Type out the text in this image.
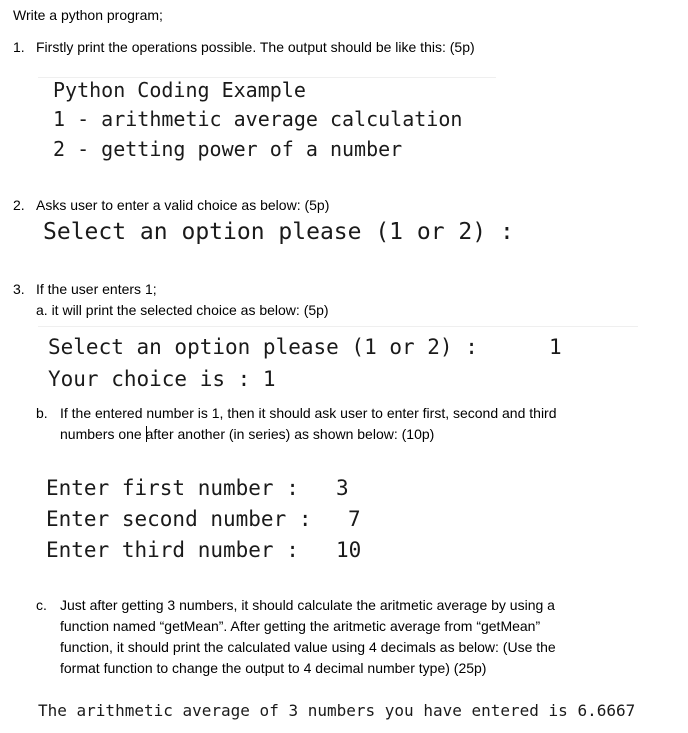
Write a python program;
1. Firstly print the operations possible. The output should be like this: (5p)
Python Coding Example
1 - arithmetic average calculation
2 - getting power of a number
2. Asks user to enter a valid choice as below: (5p)
Select an option please (1 or 2) :
3. If the user enters 1;
a. it will print the selected choice as below: (5p)
Select an option please (1 or 2) :	1
Your choice is : 1
b. If the entered number is 1, then it should ask user to enter first, second and third
numbers one after another (in series) as shown below: (10p)
Enter first number : 3
Enter second number : 7
Enter third number : 10
c. Just after getting 3 numbers, it should calculate the aritmetic average by using a
function named “getMean”. After getting the aritmetic average from “getMean”
function, it should print the calculated value using 4 decimals as below: (Use the
format function to change the output to 4 decimal number type) (25p)
The arithmetic average of 3 numbers you have entered is 6.6667
